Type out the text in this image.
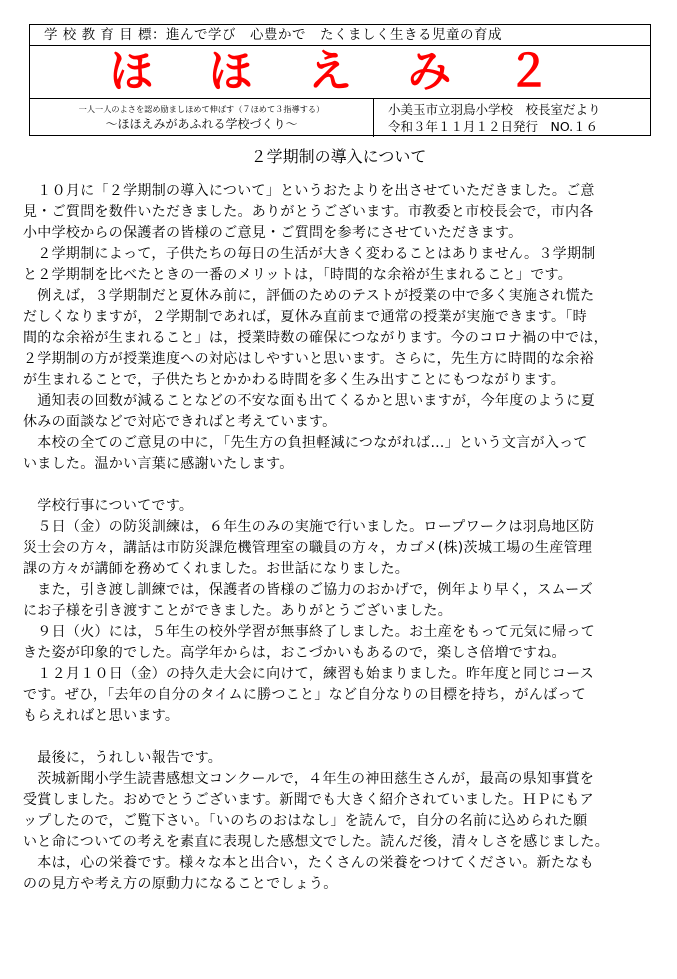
学 校 教 育 目 標：進んで学び　心豊かで　たくましく生きる児童の育成
ほ ほ え み ２
一人一人のよさを認め励ましほめて伸ばす（７ほめて３指導する）
～ほほえみがあふれる学校づくり～
小美玉市立羽鳥小学校　校長室だより
令和３年１１月１２日発行　NO.１６
２学期制の導入について

　１０月に「２学期制の導入について」というおたよりを出させていただきました。ご意

見・ご質問を数件いただきました。ありがとうございます。市教委と市校長会で，市内各

小中学校からの保護者の皆様のご意見・ご質問を参考にさせていただきます。

　２学期制によって，子供たちの毎日の生活が大きく変わることはありません。３学期制

と２学期制を比べたときの一番のメリットは，「時間的な余裕が生まれること」です。

　例えば，３学期制だと夏休み前に，評価のためのテストが授業の中で多く実施され慌た

だしくなりますが，２学期制であれば，夏休み直前まで通常の授業が実施できます。「時

間的な余裕が生まれること」は，授業時数の確保につながります。今のコロナ禍の中では，

２学期制の方が授業進度への対応はしやすいと思います。さらに，先生方に時間的な余裕

が生まれることで，子供たちとかかわる時間を多く生み出すことにもつながります。

　通知表の回数が減ることなどの不安な面も出てくるかと思いますが，今年度のように夏

休みの面談などで対応できればと考えています。

　本校の全てのご意見の中に，「先生方の負担軽減につながれば…」という文言が入って

いました。温かい言葉に感謝いたします。

　学校行事についてです。

　５日（金）の防災訓練は，６年生のみの実施で行いました。ロープワークは羽鳥地区防

災士会の方々，講話は市防災課危機管理室の職員の方々，カゴメ(株)茨城工場の生産管理

課の方々が講師を務めてくれました。お世話になりました。

　また，引き渡し訓練では，保護者の皆様のご協力のおかげで，例年より早く，スムーズ

にお子様を引き渡すことができました。ありがとうございました。

　９日（火）には，５年生の校外学習が無事終了しました。お土産をもって元気に帰って

きた姿が印象的でした。高学年からは，おこづかいもあるので，楽しさ倍増ですね。

　１２月１０日（金）の持久走大会に向けて，練習も始まりました。昨年度と同じコース

です。ぜひ，「去年の自分のタイムに勝つこと」など自分なりの目標を持ち，がんばって

もらえればと思います。

　最後に，うれしい報告です。

　茨城新聞小学生読書感想文コンクールで，４年生の神田慈生さんが，最高の県知事賞を

受賞しました。おめでとうございます。新聞でも大きく紹介されていました。ＨＰにもア

ップしたので，ご覧下さい。「いのちのおはなし」を読んで，自分の名前に込められた願

いと命についての考えを素直に表現した感想文でした。読んだ後，清々しさを感じました。

　本は，心の栄養です。様々な本と出合い，たくさんの栄養をつけてください。新たなも

のの見方や考え方の原動力になることでしょう。
